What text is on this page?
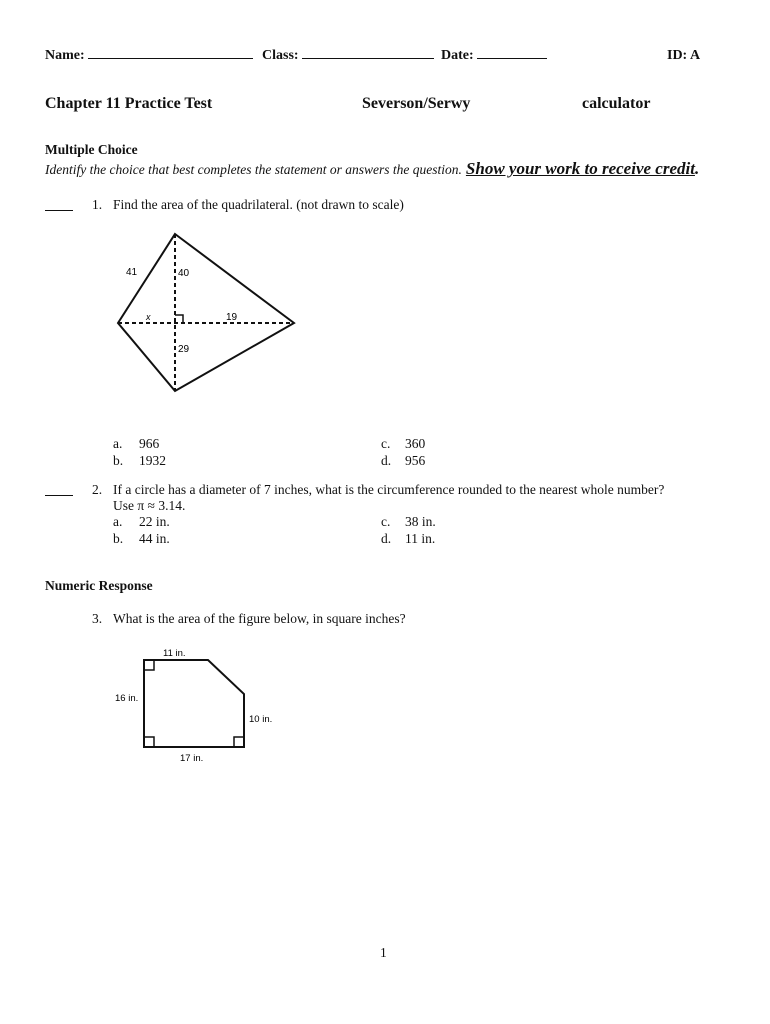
Name:	Class:	Date:	ID: A
Chapter 11 Practice Test	Severson/Serwy	calculator
Multiple Choice
Identify the choice that best completes the statement or answers the question. Show your work to receive credit.
1. Find the area of the quadrilateral. (not drawn to scale)
41	40
x	19
29
a. 966
b. 1932
c. 360
d. 956
2. If a circle has a diameter of 7 inches, what is the circumference rounded to the nearest whole number?
Use π ≈ 3.14.
a. 22 in.
b. 44 in.
c. 38 in.
d. 11 in.
Numeric Response
3. What is the area of the figure below, in square inches?
11 in.
16 in.
10 in.
17 in.
1
